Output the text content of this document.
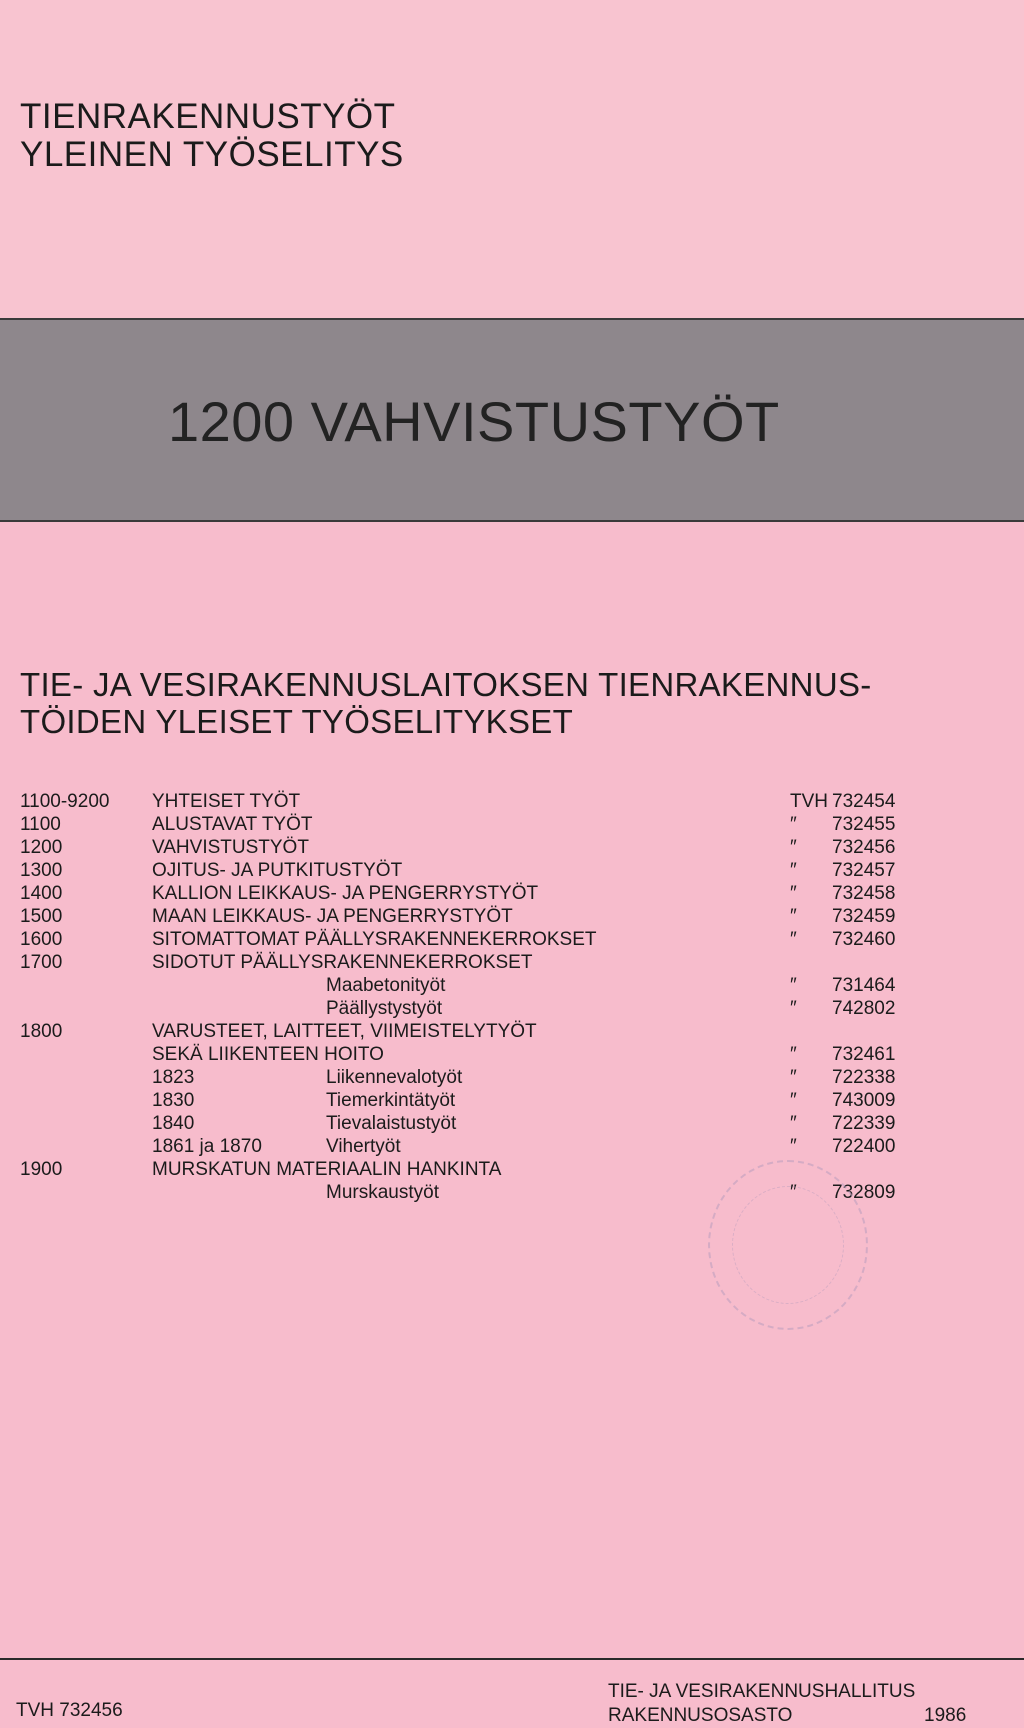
TIENRAKENNUSTYÖT
YLEINEN TYÖSELITYS
1200 VAHVISTUSTYÖT
TIE- JA VESIRAKENNUSLAITOKSEN TIENRAKENNUS-
TÖIDEN YLEISET TYÖSELITYKSET
1100-9200 YHTEISET TYÖT	TVH 732454
1100	ALUSTAVAT TYÖT	″ 732455
1200	VAHVISTUSTYÖT	″ 732456
1300	OJITUS- JA PUTKITUSTYÖT	″ 732457
1400	KALLION LEIKKAUS- JA PENGERRYSTYÖT	″ 732458
1500	MAAN LEIKKAUS- JA PENGERRYSTYÖT	″ 732459
1600	SITOMATTOMAT PÄÄLLYSRAKENNEKERROKSET	″ 732460
1700	SIDOTUT PÄÄLLYSRAKENNEKERROKSET
Maabetonityöt	″ 731464
Päällystystyöt	″ 742802
1800	VARUSTEET, LAITTEET, VIIMEISTELYTYÖT
SEKÄ LIIKENTEEN HOITO	″ 732461
1823	Liikennevalotyöt	″ 722338
1830	Tiemerkintätyöt	″ 743009
1840	Tievalaistustyöt	″ 722339
1861 ja 1870	Vihertyöt	″ 722400
1900	MURSKATUN MATERIAALIN HANKINTA
Murskaustyöt	″ 732809
TVH 732456
TIE- JA VESIRAKENNUSHALLITUS
RAKENNUSOSASTO	1986
